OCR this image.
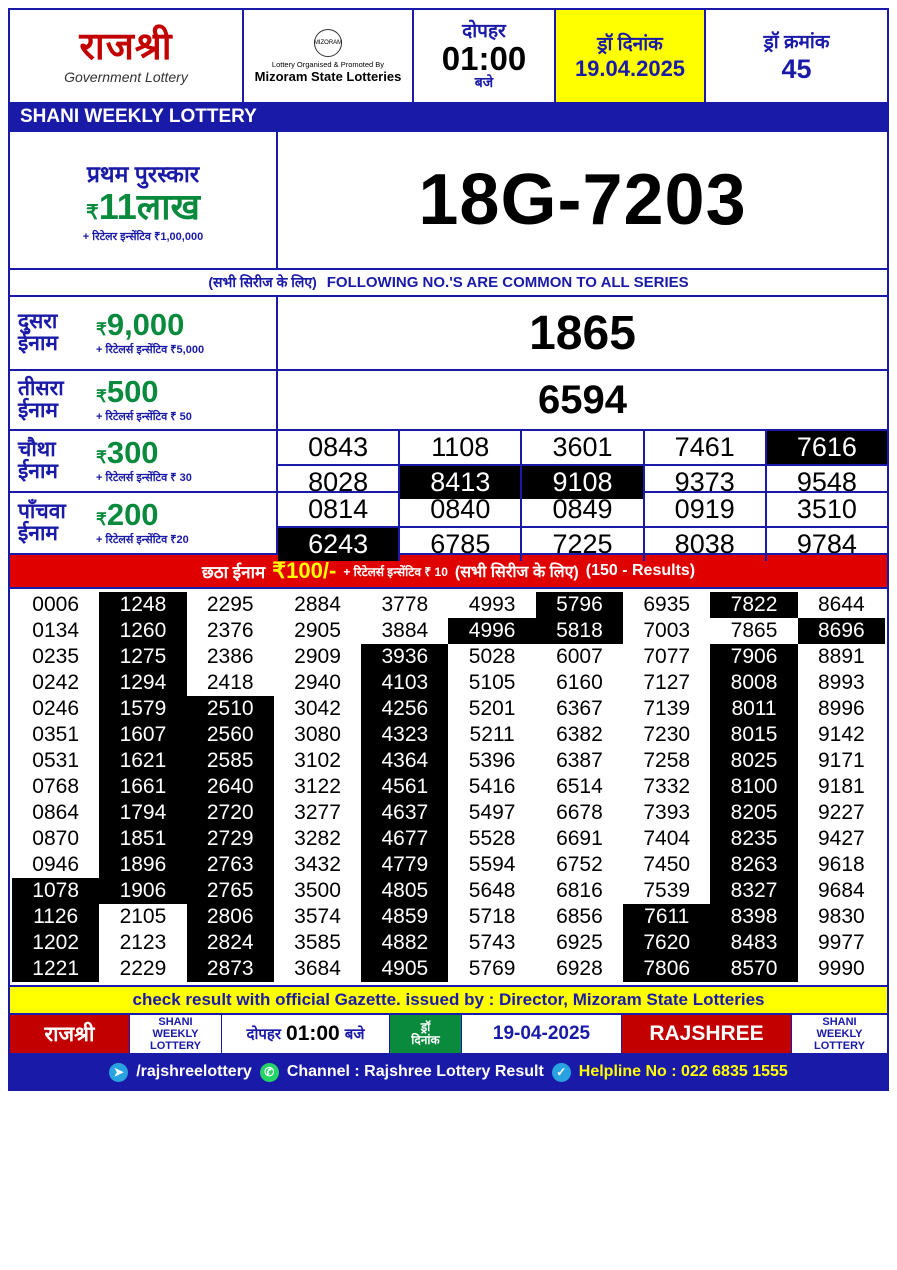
राजश्री
Government Lottery
MIZORAM
Lottery Organised & Promoted By
Mizoram State Lotteries
दोपहर
01:00
बजे
ड्रॉ दिनांक
19.04.2025
ड्रॉ क्रमांक
45
SHANI WEEKLY LOTTERY
प्रथम पुरस्कार
₹11लाख
+ रिटेलर इन्सेंटिव ₹1,00,000	18G-7203
(सभी सिरीज के लिए) FOLLOWING NO.'S ARE COMMON TO ALL SERIES
दुसरा ईनाम
₹9,000
+ रिटेलर्स इन्सेंटिव ₹5,000	1865
तीसरा ईनाम
₹500
+ रिटेलर्स इन्सेंटिव ₹ 50	6594
चौथा ईनाम
₹300
+ रिटेलर्स इन्सेंटिव ₹ 30
0843	1108	3601	7461	7616
8028	8413	9108	9373	9548
पाँचवा ईनाम
₹200
+ रिटेलर्स इन्सेंटिव ₹20
0814	0840	0849	0919	3510
6243	6785	7225	8038	9784
छठा ईनाम ₹100/- + रिटेलर्स इन्सेंटिव ₹ 10 (सभी सिरीज के लिए) (150 - Results)
0006	1248	2295	2884	3778	4993	5796	6935	7822	8644
0134	1260	2376	2905	3884	4996	5818	7003	7865	8696
0235	1275	2386	2909	3936	5028	6007	7077	7906	8891
0242	1294	2418	2940	4103	5105	6160	7127	8008	8993
0246	1579	2510	3042	4256	5201	6367	7139	8011	8996
0351	1607	2560	3080	4323	5211	6382	7230	8015	9142
0531	1621	2585	3102	4364	5396	6387	7258	8025	9171
0768	1661	2640	3122	4561	5416	6514	7332	8100	9181
0864	1794	2720	3277	4637	5497	6678	7393	8205	9227
0870	1851	2729	3282	4677	5528	6691	7404	8235	9427
0946	1896	2763	3432	4779	5594	6752	7450	8263	9618
1078	1906	2765	3500	4805	5648	6816	7539	8327	9684
1126	2105	2806	3574	4859	5718	6856	7611	8398	9830
1202	2123	2824	3585	4882	5743	6925	7620	8483	9977
1221	2229	2873	3684	4905	5769	6928	7806	8570	9990
check result with official Gazette. issued by : Director, Mizoram State Lotteries
राजश्री
SHANI
WEEKLY
LOTTERY
दोपहर 01:00 बजे	ड्रॉ
दिनांक	19-04-2025	RAJSHREE
SHANI
WEEKLY
LOTTERY
➤ /rajshreelottery	✆ Channel : Rajshree Lottery Result	✓ Helpline No : 022 6835 1555
